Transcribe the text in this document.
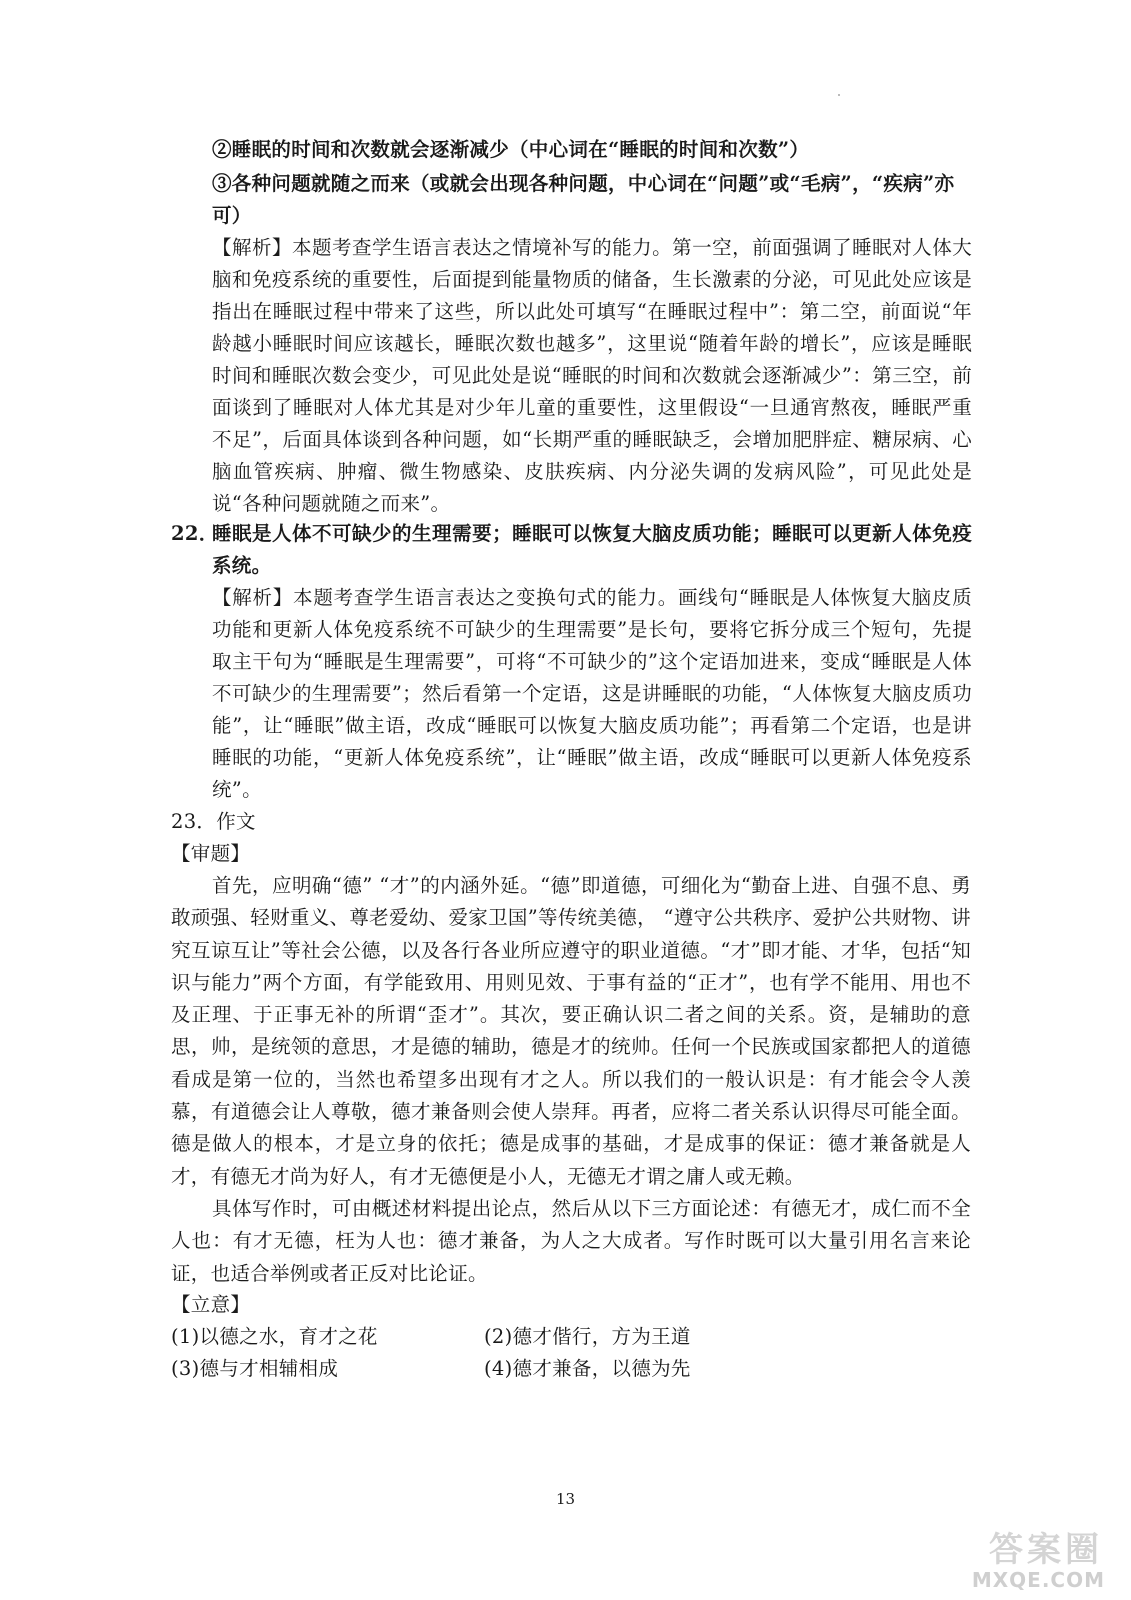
②睡眠的时间和次数就会逐渐减少（中心词在“睡眠的时间和次数”）

③各种问题就随之而来（或就会出现各种问题，中心词在“问题”或“毛病”，“疾病”亦

可）

【解析】本题考查学生语言表达之情境补写的能力。第一空，前面强调了睡眠对人体大脑和免疫系统的重要性，后面提到能量物质的储备，生长激素的分泌，可见此处应该是指出在睡眠过程中带来了这些，所以此处可填写“在睡眠过程中”：第二空，前面说“年龄越小睡眠时间应该越长，睡眠次数也越多”，这里说“随着年龄的增长”，应该是睡眠时间和睡眠次数会变少，可见此处是说“睡眠的时间和次数就会逐渐减少”：第三空，前面谈到了睡眠对人体尤其是对少年儿童的重要性，这里假设“一旦通宵熬夜，睡眠严重不足”，后面具体谈到各种问题，如“长期严重的睡眠缺乏，会增加肥胖症、糖尿病、心脑血管疾病、肿瘤、微生物感染、皮肤疾病、内分泌失调的发病风险”，可见此处是说“各种问题就随之而来”。

22．

睡眠是人体不可缺少的生理需要；睡眠可以恢复大脑皮质功能；睡眠可以更新人体免疫系统。

【解析】本题考查学生语言表达之变换句式的能力。画线句“睡眠是人体恢复大脑皮质功能和更新人体免疫系统不可缺少的生理需要”是长句，要将它拆分成三个短句，先提取主干句为“睡眠是生理需要”，可将“不可缺少的”这个定语加进来，变成“睡眠是人体不可缺少的生理需要”；然后看第一个定语，这是讲睡眠的功能，“人体恢复大脑皮质功能”，让“睡眠”做主语，改成“睡眠可以恢复大脑皮质功能”；再看第二个定语，也是讲睡眠的功能，“更新人体免疫系统”，让“睡眠”做主语，改成“睡眠可以更新人体免疫系统”。

23．作文

【审题】

首先，应明确“德” “才”的内涵外延。“德”即道德，可细化为“勤奋上进、自强不息、勇敢顽强、轻财重义、尊老爱幼、爱家卫国”等传统美德， “遵守公共秩序、爱护公共财物、讲究互谅互让”等社会公德，以及各行各业所应遵守的职业道德。“才”即才能、才华，包括“知识与能力”两个方面，有学能致用、用则见效、于事有益的“正才”，也有学不能用、用也不及正理、于正事无补的所谓“歪才”。其次，要正确认识二者之间的关系。资，是辅助的意思，帅，是统领的意思，才是德的辅助，德是才的统帅。任何一个民族或国家都把人的道德看成是第一位的，当然也希望多出现有才之人。所以我们的一般认识是：有才能会令人羡慕，有道德会让人尊敬，德才兼备则会使人崇拜。再者，应将二者关系认识得尽可能全面。德是做人的根本，才是立身的依托；德是成事的基础，才是成事的保证：德才兼备就是人才，有德无才尚为好人，有才无德便是小人，无德无才谓之庸人或无赖。

具体写作时，可由概述材料提出论点，然后从以下三方面论述：有德无才，成仁而不全人也：有才无德，枉为人也：德才兼备，为人之大成者。写作时既可以大量引用名言来论证，也适合举例或者正反对比论证。

【立意】

(1)以德之水，育才之花	(2)德才偕行，方为王道

(3)德与才相辅相成	(4)德才兼备，以德为先

13
答案圈
MXQE.COM
